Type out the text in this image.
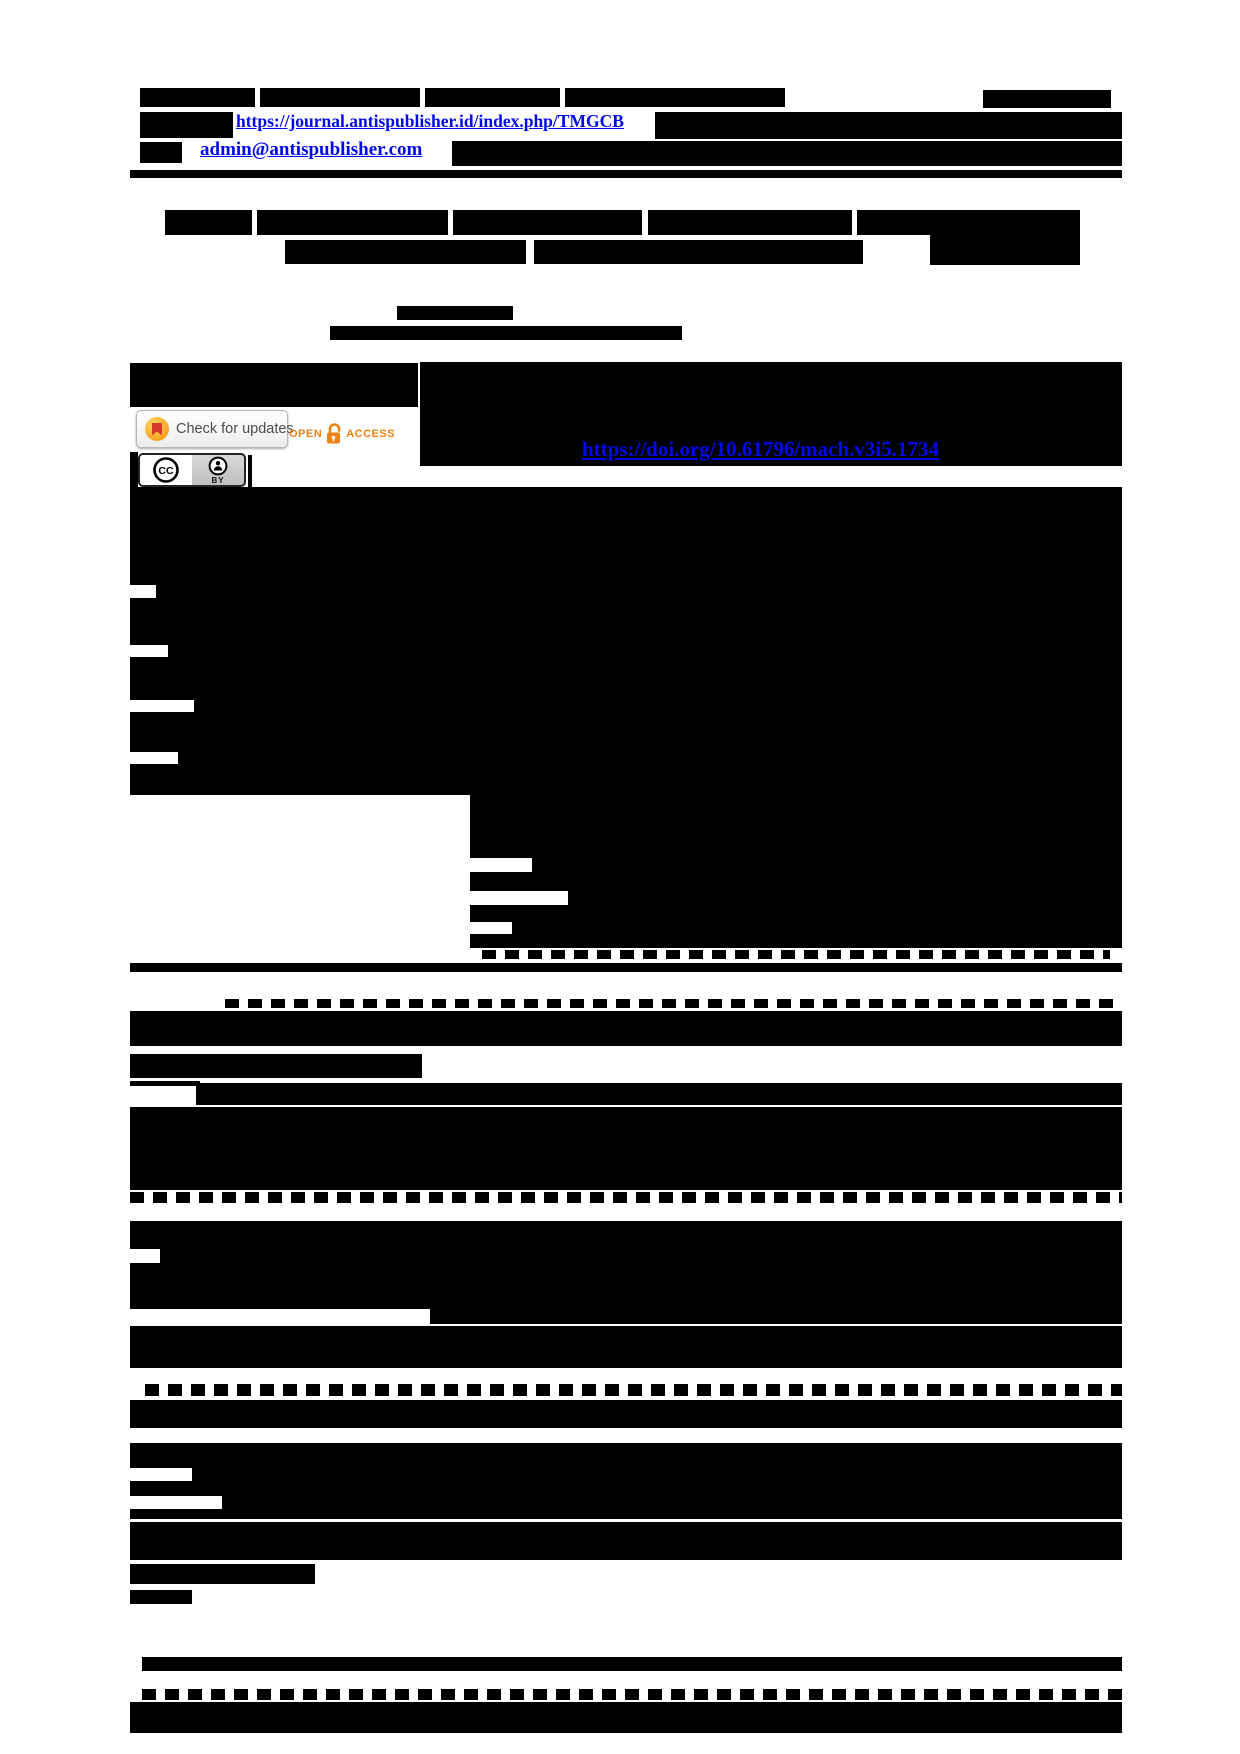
https://journal.antispublisher.id/index.php/TMGCB
admin@antispublisher.com
https://doi.org/10.61796/mach.v3i5.1734
Check for updates
OPEN ACCESS
CC
BY
